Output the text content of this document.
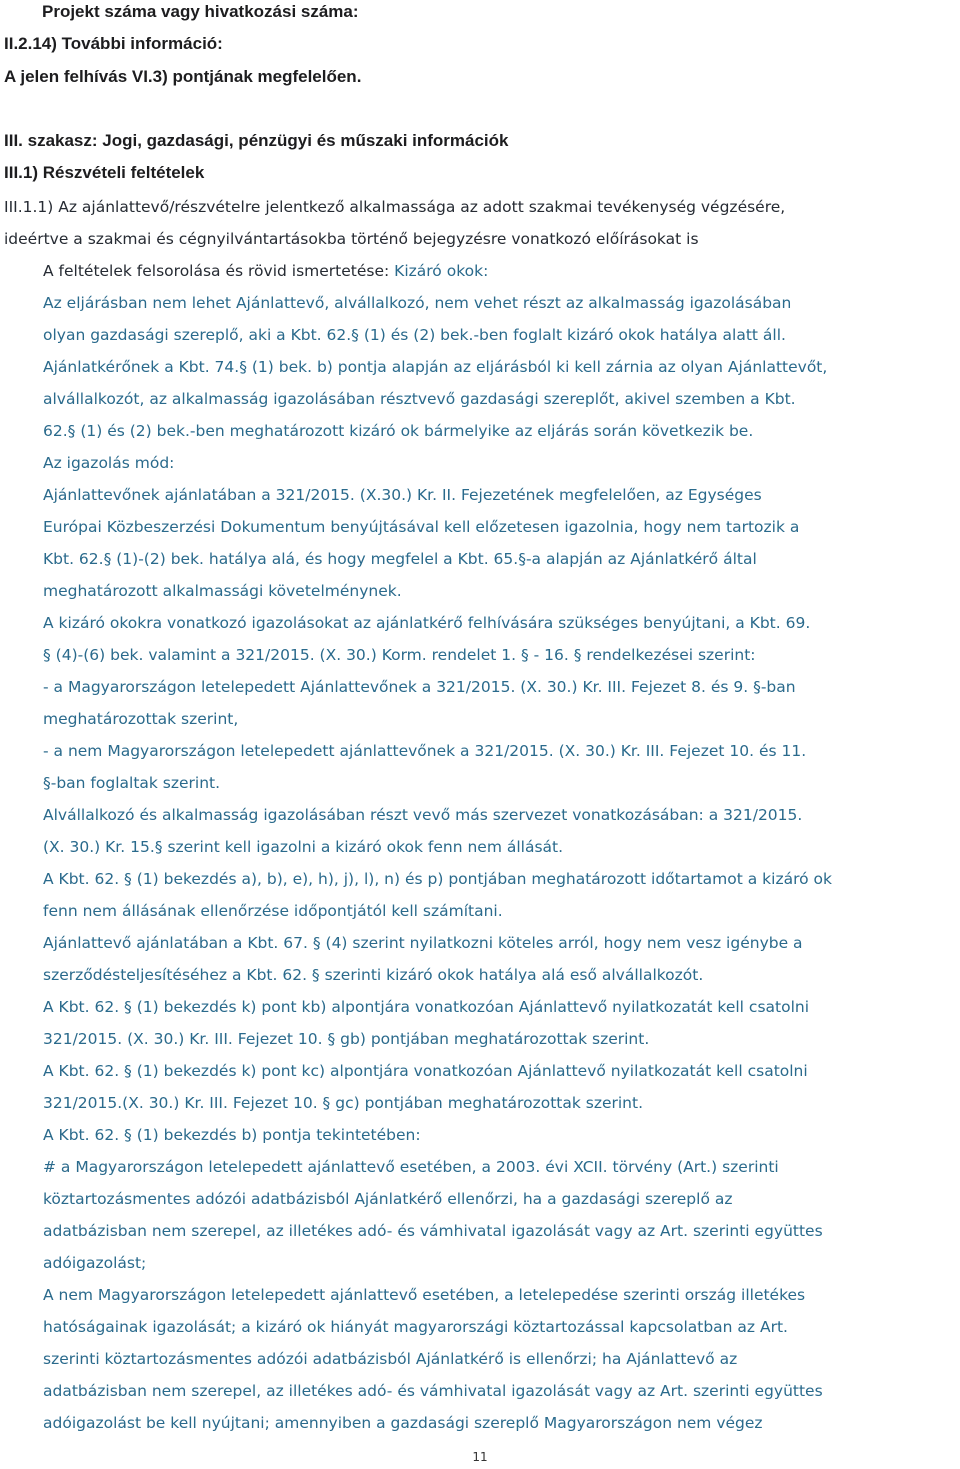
Projekt száma vagy hivatkozási száma:

II.2.14) További információ:

A jelen felhívás VI.3) pontjának megfelelően.

III. szakasz: Jogi, gazdasági, pénzügyi és műszaki információk

III.1) Részvételi feltételek

III.1.1) Az ajánlattevő/részvételre jelentkező alkalmassága az adott szakmai tevékenység végzésére,

ideértve a szakmai és cégnyilvántartásokba történő bejegyzésre vonatkozó előírásokat is

A feltételek felsorolása és rövid ismertetése: Kizáró okok:

Az eljárásban nem lehet Ajánlattevő, alvállalkozó, nem vehet részt az alkalmasság igazolásában

olyan gazdasági szereplő, aki a Kbt. 62.§ (1) és (2) bek.-ben foglalt kizáró okok hatálya alatt áll.

Ajánlatkérőnek a Kbt. 74.§ (1) bek. b) pontja alapján az eljárásból ki kell zárnia az olyan Ajánlattevőt,

alvállalkozót, az alkalmasság igazolásában résztvevő gazdasági szereplőt, akivel szemben a Kbt.

62.§ (1) és (2) bek.-ben meghatározott kizáró ok bármelyike az eljárás során következik be.

Az igazolás mód:

Ajánlattevőnek ajánlatában a 321/2015. (X.30.) Kr. II. Fejezetének megfelelően, az Egységes

Európai Közbeszerzési Dokumentum benyújtásával kell előzetesen igazolnia, hogy nem tartozik a

Kbt. 62.§ (1)-(2) bek. hatálya alá, és hogy megfelel a Kbt. 65.§-a alapján az Ajánlatkérő által

meghatározott alkalmassági követelménynek.

A kizáró okokra vonatkozó igazolásokat az ajánlatkérő felhívására szükséges benyújtani, a Kbt. 69.

§ (4)-(6) bek. valamint a 321/2015. (X. 30.) Korm. rendelet 1. § - 16. § rendelkezései szerint:

- a Magyarországon letelepedett Ajánlattevőnek a 321/2015. (X. 30.) Kr. III. Fejezet 8. és 9. §-ban

meghatározottak szerint,

- a nem Magyarországon letelepedett ajánlattevőnek a 321/2015. (X. 30.) Kr. III. Fejezet 10. és 11.

§-ban foglaltak szerint.

Alvállalkozó és alkalmasság igazolásában részt vevő más szervezet vonatkozásában: a 321/2015.

(X. 30.) Kr. 15.§ szerint kell igazolni a kizáró okok fenn nem állását.

A Kbt. 62. § (1) bekezdés a), b), e), h), j), l), n) és p) pontjában meghatározott időtartamot a kizáró ok

fenn nem állásának ellenőrzése időpontjától kell számítani.

Ajánlattevő ajánlatában a Kbt. 67. § (4) szerint nyilatkozni köteles arról, hogy nem vesz igénybe a

szerződésteljesítéséhez a Kbt. 62. § szerinti kizáró okok hatálya alá eső alvállalkozót.

A Kbt. 62. § (1) bekezdés k) pont kb) alpontjára vonatkozóan Ajánlattevő nyilatkozatát kell csatolni

321/2015. (X. 30.) Kr. III. Fejezet 10. § gb) pontjában meghatározottak szerint.

A Kbt. 62. § (1) bekezdés k) pont kc) alpontjára vonatkozóan Ajánlattevő nyilatkozatát kell csatolni

321/2015.(X. 30.) Kr. III. Fejezet 10. § gc) pontjában meghatározottak szerint.

A Kbt. 62. § (1) bekezdés b) pontja tekintetében:

# a Magyarországon letelepedett ajánlattevő esetében, a 2003. évi XCII. törvény (Art.) szerinti

köztartozásmentes adózói adatbázisból Ajánlatkérő ellenőrzi, ha a gazdasági szereplő az

adatbázisban nem szerepel, az illetékes adó- és vámhivatal igazolását vagy az Art. szerinti együttes

adóigazolást;

A nem Magyarországon letelepedett ajánlattevő esetében, a letelepedése szerinti ország illetékes

hatóságainak igazolását; a kizáró ok hiányát magyarországi köztartozással kapcsolatban az Art.

szerinti köztartozásmentes adózói adatbázisból Ajánlatkérő is ellenőrzi; ha Ajánlattevő az

adatbázisban nem szerepel, az illetékes adó- és vámhivatal igazolását vagy az Art. szerinti együttes

adóigazolást be kell nyújtani; amennyiben a gazdasági szereplő Magyarországon nem végez

11
